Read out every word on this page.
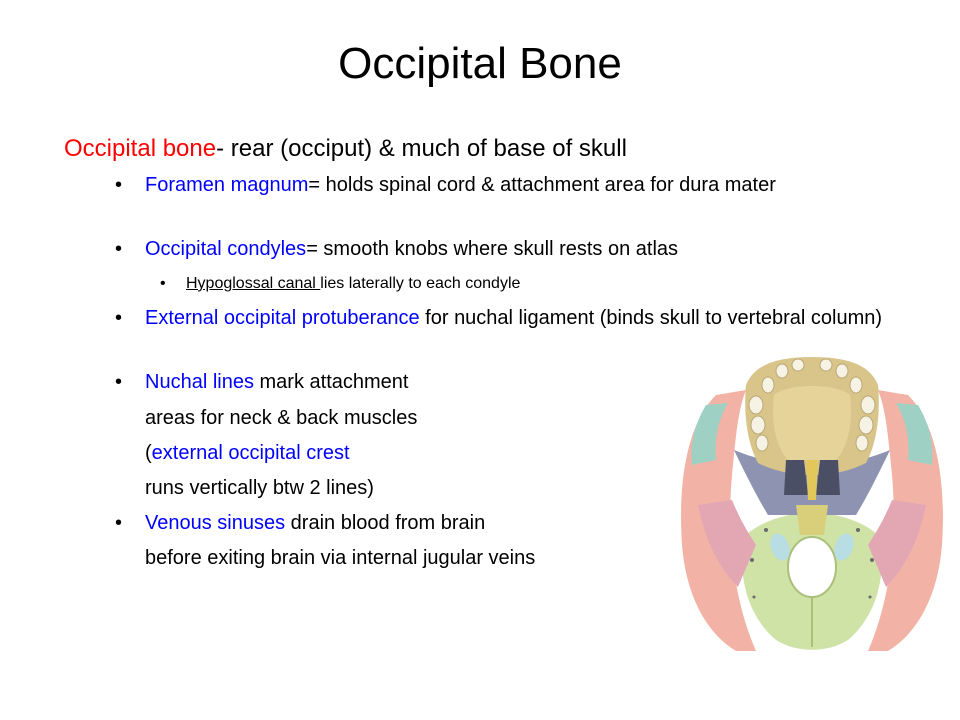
Occipital Bone
Occipital bone- rear (occiput) & much of base of skull
• Foramen magnum= holds spinal cord & attachment area for dura mater
• Occipital condyles= smooth knobs where skull rests on atlas
• Hypoglossal canal lies laterally to each condyle
• External occipital protuberance for nuchal ligament (binds skull to vertebral column)
• Nuchal lines mark attachment
areas for neck & back muscles
(external occipital crest
runs vertically btw 2 lines)
• Venous sinuses drain blood from brain
before exiting brain via internal jugular veins
